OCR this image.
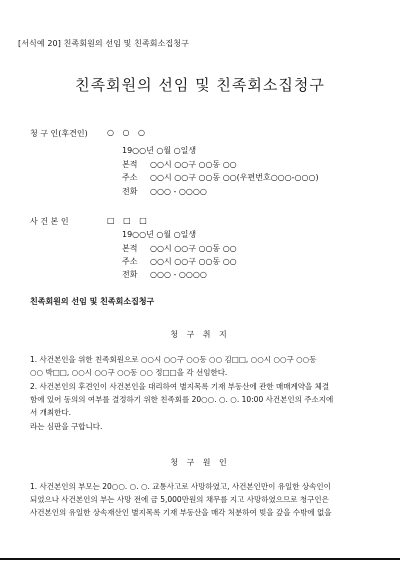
[서식예 20] 친족회원의 선임 및 친족회소집청구
친족회원의 선임 및 친족회소집청구
청 구 인(후견인) ○ ○ ○
19○○년 ○월 ○일생
본적 ○○시 ○○구 ○○동 ○○
주소 ○○시 ○○구 ○○동 ○○(우편번호○○○-○○○)
전화 ○○○ - ○○○○
사 건 본 인	□ □ □
19○○년 ○월 ○일생
본적 ○○시 ○○구 ○○동 ○○
주소 ○○시 ○○구 ○○동 ○○
전화 ○○○ - ○○○○
친족회원의 선임 및 친족회소집청구
청 구 취 지
1. 사건본인을 위한 친족회원으로 ○○시 ○○구 ○○동 ○○ 김□□, ○○시 ○○구 ○○동
○○ 박□□, ○○시 ○○구 ○○동 ○○ 정□□을 각 선임한다.
2. 사건본인의 후견인이 사건본인을 대리하여 별지목록 기재 부동산에 관한 매매계약을 체결
함에 있어 동의의 여부를 결정하기 위한 친족회를 20○○. ○. ○. 10:00 사건본인의 주소지에
서 개최한다.
라는 심판을 구합니다.
청 구 원 인
1. 사건본인의 부모는 20○○. ○. ○. 교통사고로 사망하였고, 사건본인만이 유일한 상속인이
되었으나 사건본인의 부는 사망 전에 금 5,000만원의 채무를 지고 사망하였으므로 청구인은
사건본인의 유일한 상속재산인 별지목록 기재 부동산을 매각 처분하여 빚을 갚을 수밖에 없을
